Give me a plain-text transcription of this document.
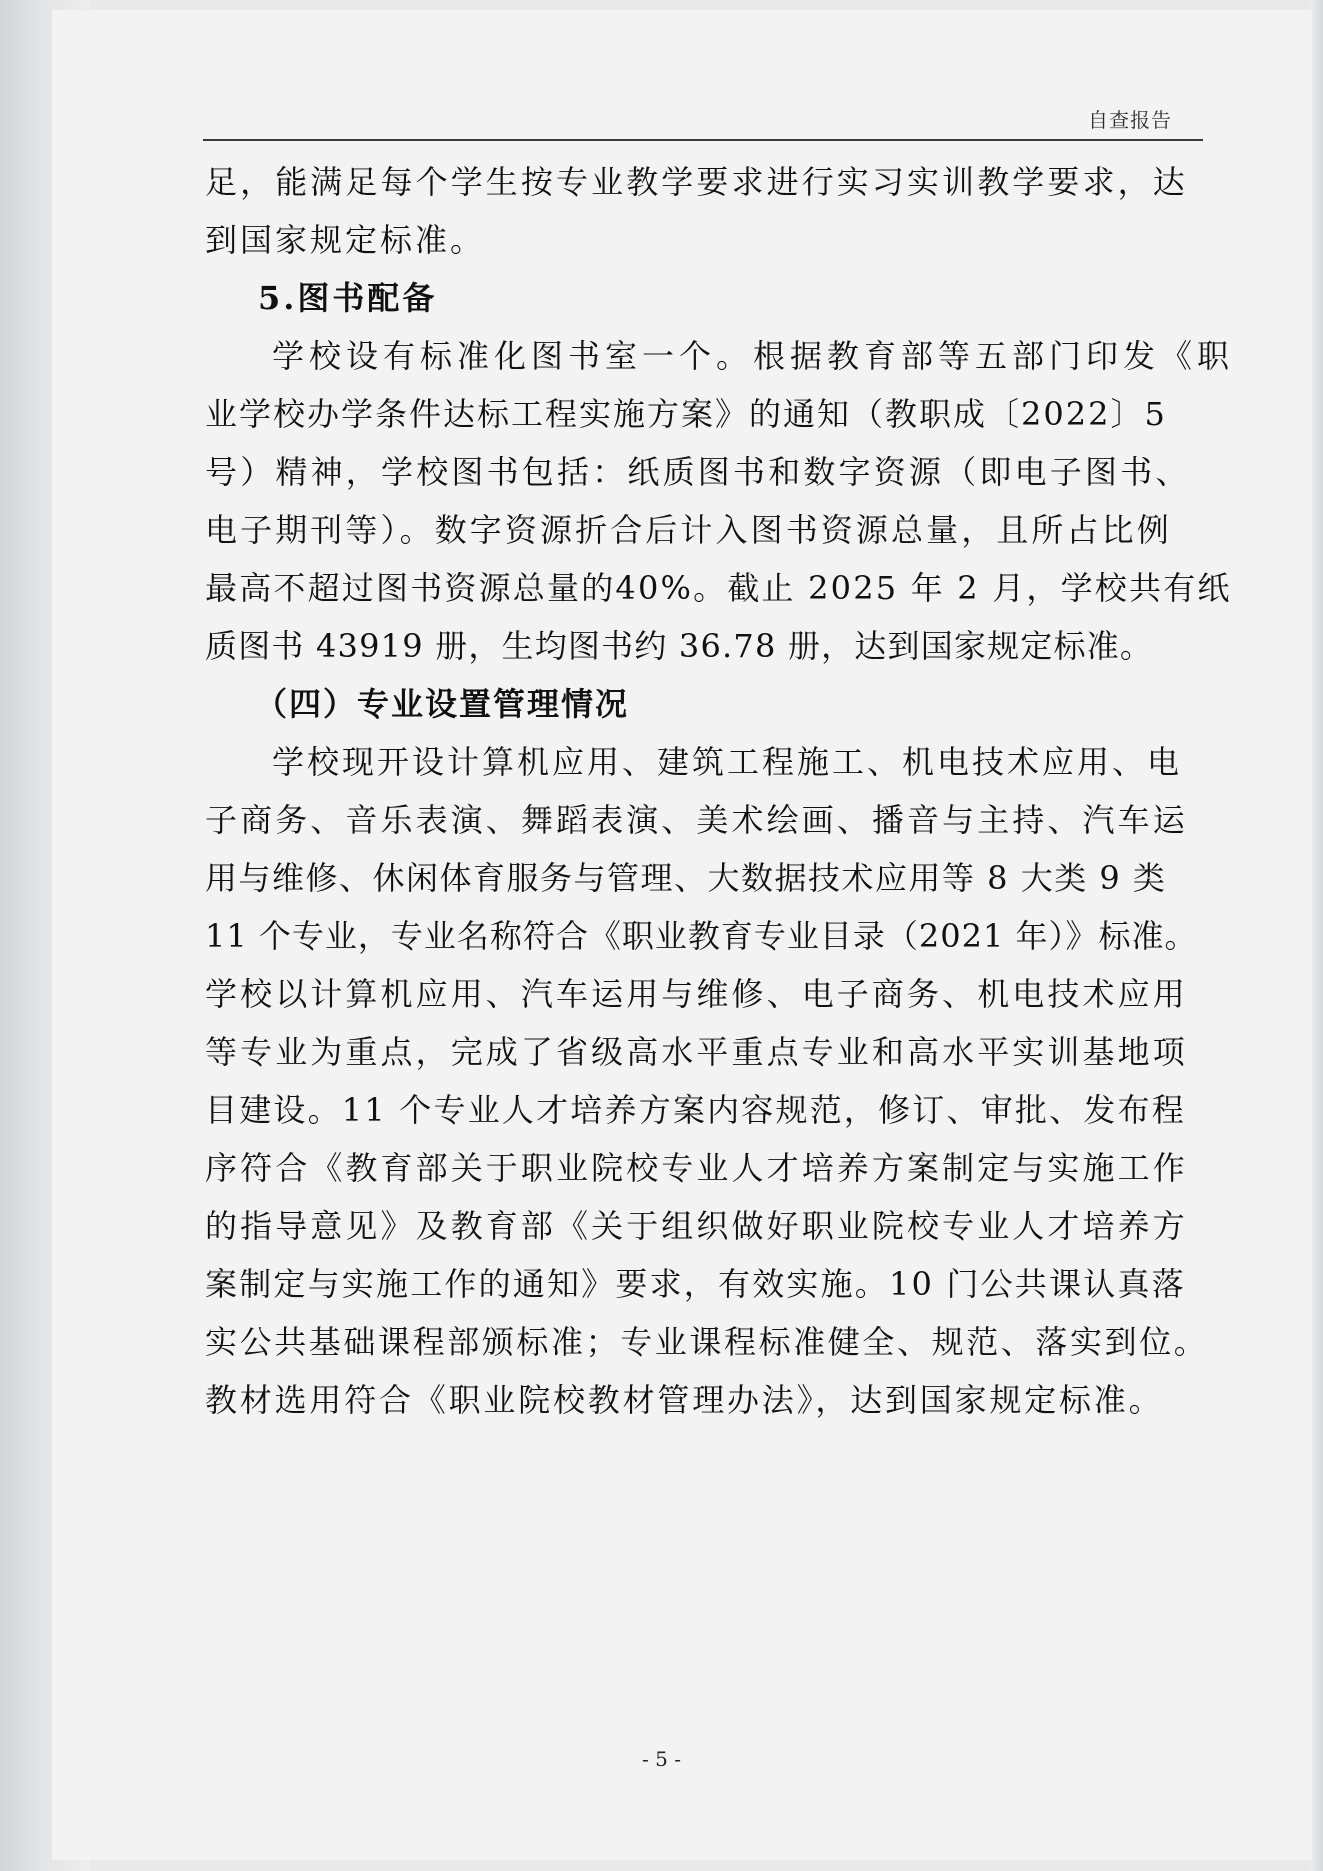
自查报告
足，能满足每个学生按专业教学要求进行实习实训教学要求，达
到国家规定标准。
5.图书配备
学校设有标准化图书室一个。根据教育部等五部门印发《职
业学校办学条件达标工程实施方案》的通知（教职成〔2022〕5
号）精神，学校图书包括：纸质图书和数字资源（即电子图书、
电子期刊等）。数字资源折合后计入图书资源总量，且所占比例
最高不超过图书资源总量的40%。截止 2025 年 2 月，学校共有纸
质图书 43919 册，生均图书约 36.78 册，达到国家规定标准。
（四）专业设置管理情况
学校现开设计算机应用、建筑工程施工、机电技术应用、电
子商务、音乐表演、舞蹈表演、美术绘画、播音与主持、汽车运
用与维修、休闲体育服务与管理、大数据技术应用等 8 大类 9 类
11 个专业，专业名称符合《职业教育专业目录（2021 年）》标准。
学校以计算机应用、汽车运用与维修、电子商务、机电技术应用
等专业为重点，完成了省级高水平重点专业和高水平实训基地项
目建设。11 个专业人才培养方案内容规范，修订、审批、发布程
序符合《教育部关于职业院校专业人才培养方案制定与实施工作
的指导意见》及教育部《关于组织做好职业院校专业人才培养方
案制定与实施工作的通知》要求，有效实施。10 门公共课认真落
实公共基础课程部颁标准；专业课程标准健全、规范、落实到位。
教材选用符合《职业院校教材管理办法》，达到国家规定标准。
- 5 -
